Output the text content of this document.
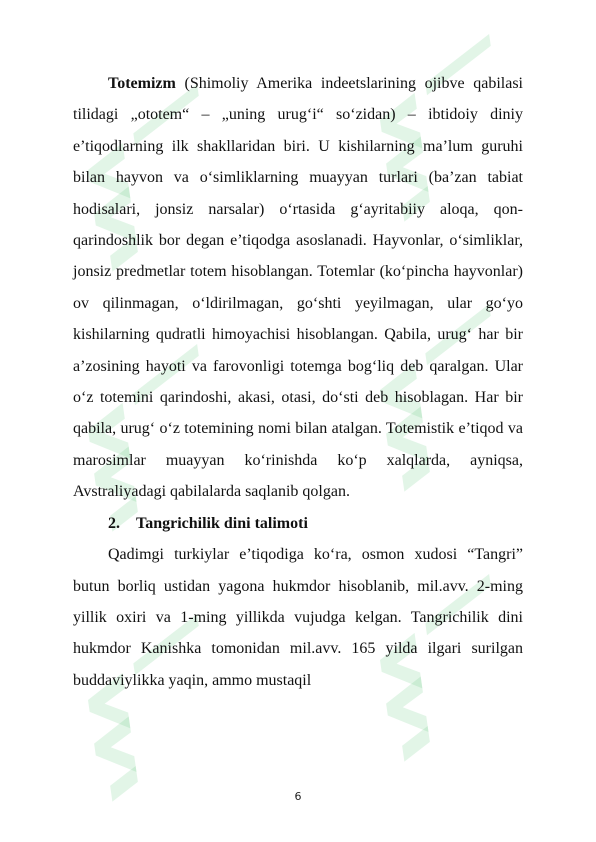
Totemizm (Shimoliy Amerika indeetslarining ojibve qabilasi tilidagi „ototem“ – „uning urug‘i“ so‘zidan) – ibtidoiy diniy e’tiqodlarning ilk shakllaridan biri. U kishilarning ma’lum guruhi bilan hayvon va o‘simliklarning muayyan turlari (ba’zan tabiat hodisalari, jonsiz narsalar) o‘rtasida g‘ayritabiiy aloqa, qon-qarindoshlik bor degan e’tiqodga asoslanadi. Hayvonlar, o‘simliklar, jonsiz predmetlar totem hisoblangan. Totemlar (ko‘pincha hayvonlar) ov qilinmagan, o‘ldirilmagan, go‘shti yeyilmagan, ular go‘yo kishilarning qudratli himoyachisi hisoblangan. Qabila, urug‘ har bir a’zosining hayoti va farovonligi totemga bog‘liq deb qaralgan. Ular o‘z totemini qarindoshi, akasi, otasi, do‘sti deb hisoblagan. Har bir qabila, urug‘ o‘z totemining nomi bilan atalgan. Totemistik e’tiqod va marosimlar muayyan ko‘rinishda ko‘p xalqlarda, ayniqsa, Avstraliyadagi qabilalarda saqlanib qolgan.

2. Tangrichilik dini talimoti

Qadimgi turkiylar e’tiqodiga ko‘ra, osmon xudosi “Tangri” butun borliq ustidan yagona hukmdor hisoblanib, mil.avv. 2-ming yillik oxiri va 1-ming yillikda vujudga kelgan. Tangrichilik dini hukmdor Kanishka tomonidan mil.avv. 165 yilda ilgari surilgan buddaviylikka yaqin, ammo mustaqil

6
